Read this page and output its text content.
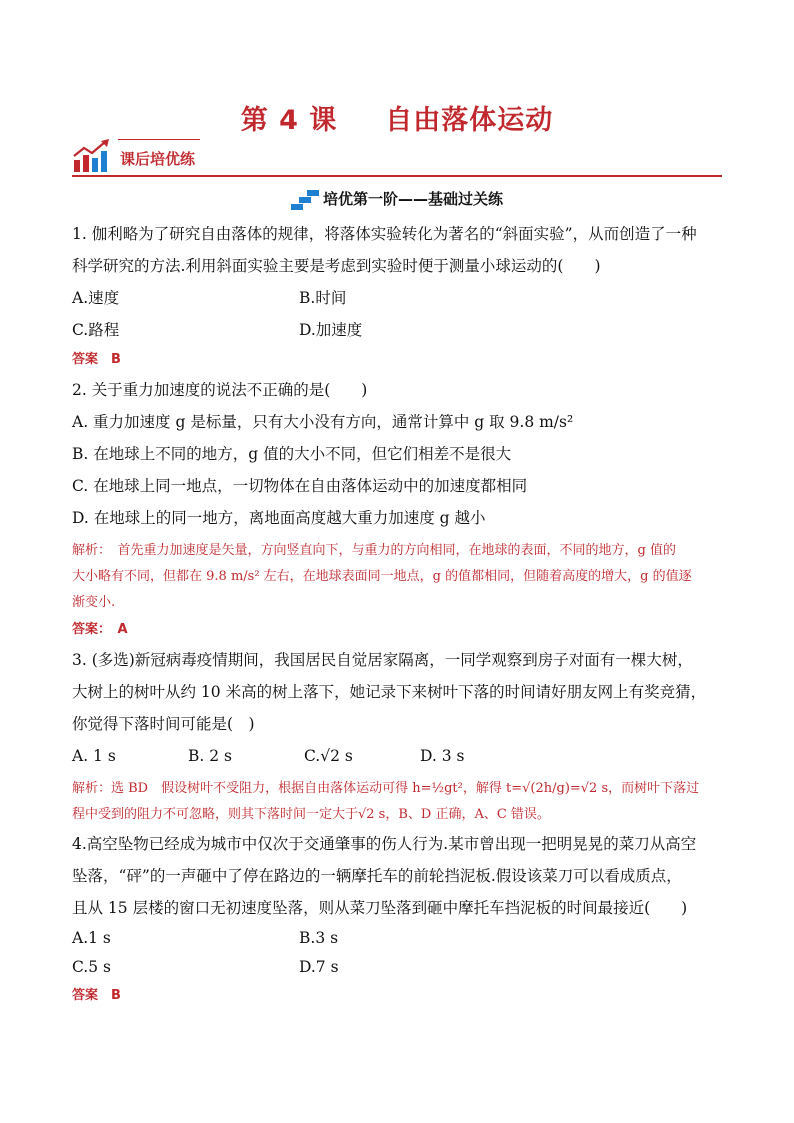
第 4 课 自由落体运动
课后培优练
培优第一阶——基础过关练
1. 伽利略为了研究自由落体的规律，将落体实验转化为著名的“斜面实验”，从而创造了一种
科学研究的方法.利用斜面实验主要是考虑到实验时便于测量小球运动的(　　)
A.速度	B.时间
C.路程	D.加速度
答案　B
2. 关于重力加速度的说法不正确的是(　　)
A. 重力加速度 g 是标量，只有大小没有方向，通常计算中 g 取 9.8 m/s²
B. 在地球上不同的地方，g 值的大小不同，但它们相差不是很大
C. 在地球上同一地点，一切物体在自由落体运动中的加速度都相同
D. 在地球上的同一地方，离地面高度越大重力加速度 g 越小
解析：　首先重力加速度是矢量，方向竖直向下，与重力的方向相同，在地球的表面，不同的地方，g 值的
大小略有不同，但都在 9.8 m/s² 左右，在地球表面同一地点，g 的值都相同，但随着高度的增大，g 的值逐
渐变小.
答案：　A
3. (多选)新冠病毒疫情期间，我国居民自觉居家隔离，一同学观察到房子对面有一棵大树，
大树上的树叶从约 10 米高的树上落下，她记录下来树叶下落的时间请好朋友网上有奖竞猜，
你觉得下落时间可能是(　)
A. 1 s	B. 2 s	C.√2 s	D. 3 s
解析：选 BD　假设树叶不受阻力，根据自由落体运动可得 h=½gt²，解得 t=√(2h/g)=√2 s，而树叶下落过
程中受到的阻力不可忽略，则其下落时间一定大于√2 s，B、D 正确，A、C 错误。
4.高空坠物已经成为城市中仅次于交通肇事的伤人行为.某市曾出现一把明晃晃的菜刀从高空
坠落，“砰”的一声砸中了停在路边的一辆摩托车的前轮挡泥板.假设该菜刀可以看成质点，
且从 15 层楼的窗口无初速度坠落，则从菜刀坠落到砸中摩托车挡泥板的时间最接近(　　)
A.1 s	B.3 s
C.5 s	D.7 s
答案　B
